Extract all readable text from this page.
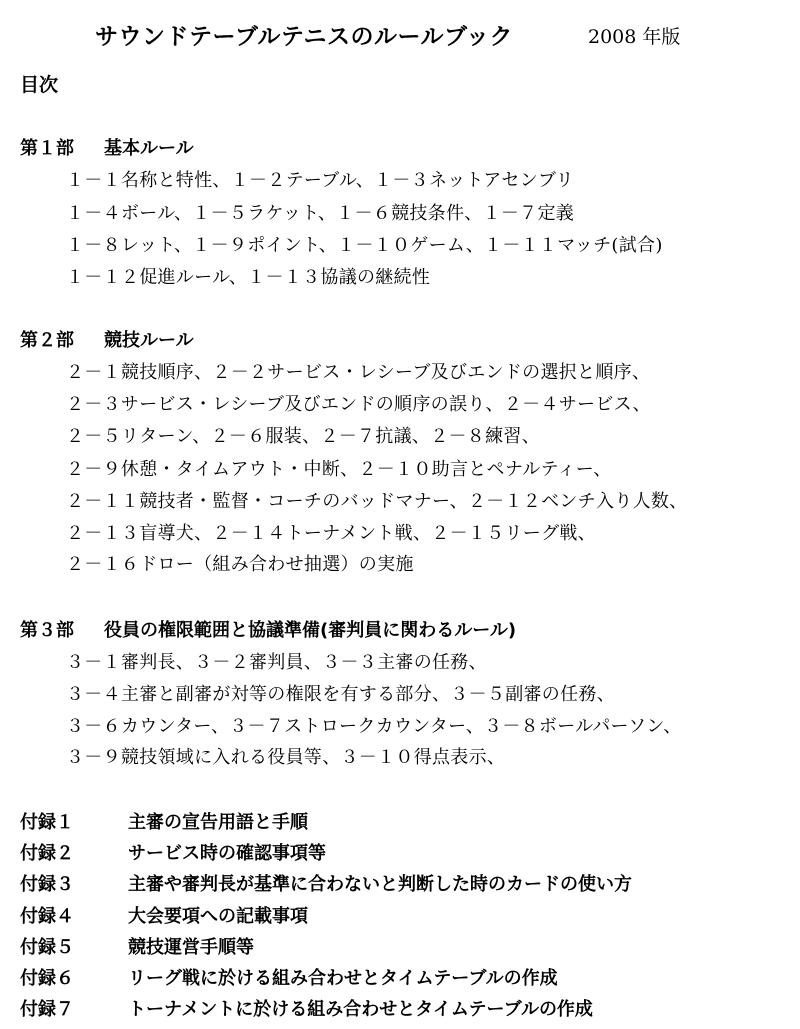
サウンドテーブルテニスのルールブック	2008 年版
目次
第１部 基本ルール
１－１名称と特性、１－２テーブル、１－３ネットアセンブリ
１－４ボール、１－５ラケット、１－６競技条件、１－７定義
１－８レット、１－９ポイント、１－１０ゲーム、１－１１マッチ(試合)
１－１２促進ルール、１－１３協議の継続性
第２部 競技ルール
２－１競技順序、２－２サービス・レシーブ及びエンドの選択と順序、
２－３サービス・レシーブ及びエンドの順序の誤り、２－４サービス、
２－５リターン、２－６服装、２－７抗議、２－８練習、
２－９休憩・タイムアウト・中断、２－１０助言とペナルティー、
２－１１競技者・監督・コーチのバッドマナー、２－１２ベンチ入り人数、
２－１３盲導犬、２－１４トーナメント戦、２－１５リーグ戦、
２－１６ドロー（組み合わせ抽選）の実施
第３部 役員の権限範囲と協議準備(審判員に関わるルール)
３－１審判長、３－２審判員、３－３主審の任務、
３－４主審と副審が対等の権限を有する部分、３－５副審の任務、
３－６カウンター、３－７ストロークカウンター、３－８ボールパーソン、
３－９競技領域に入れる役員等、３－１０得点表示、
付録１	主審の宣告用語と手順
付録２	サービス時の確認事項等
付録３	主審や審判長が基準に合わないと判断した時のカードの使い方
付録４	大会要項への記載事項
付録５	競技運営手順等
付録６	リーグ戦に於ける組み合わせとタイムテーブルの作成
付録７	トーナメントに於ける組み合わせとタイムテーブルの作成
